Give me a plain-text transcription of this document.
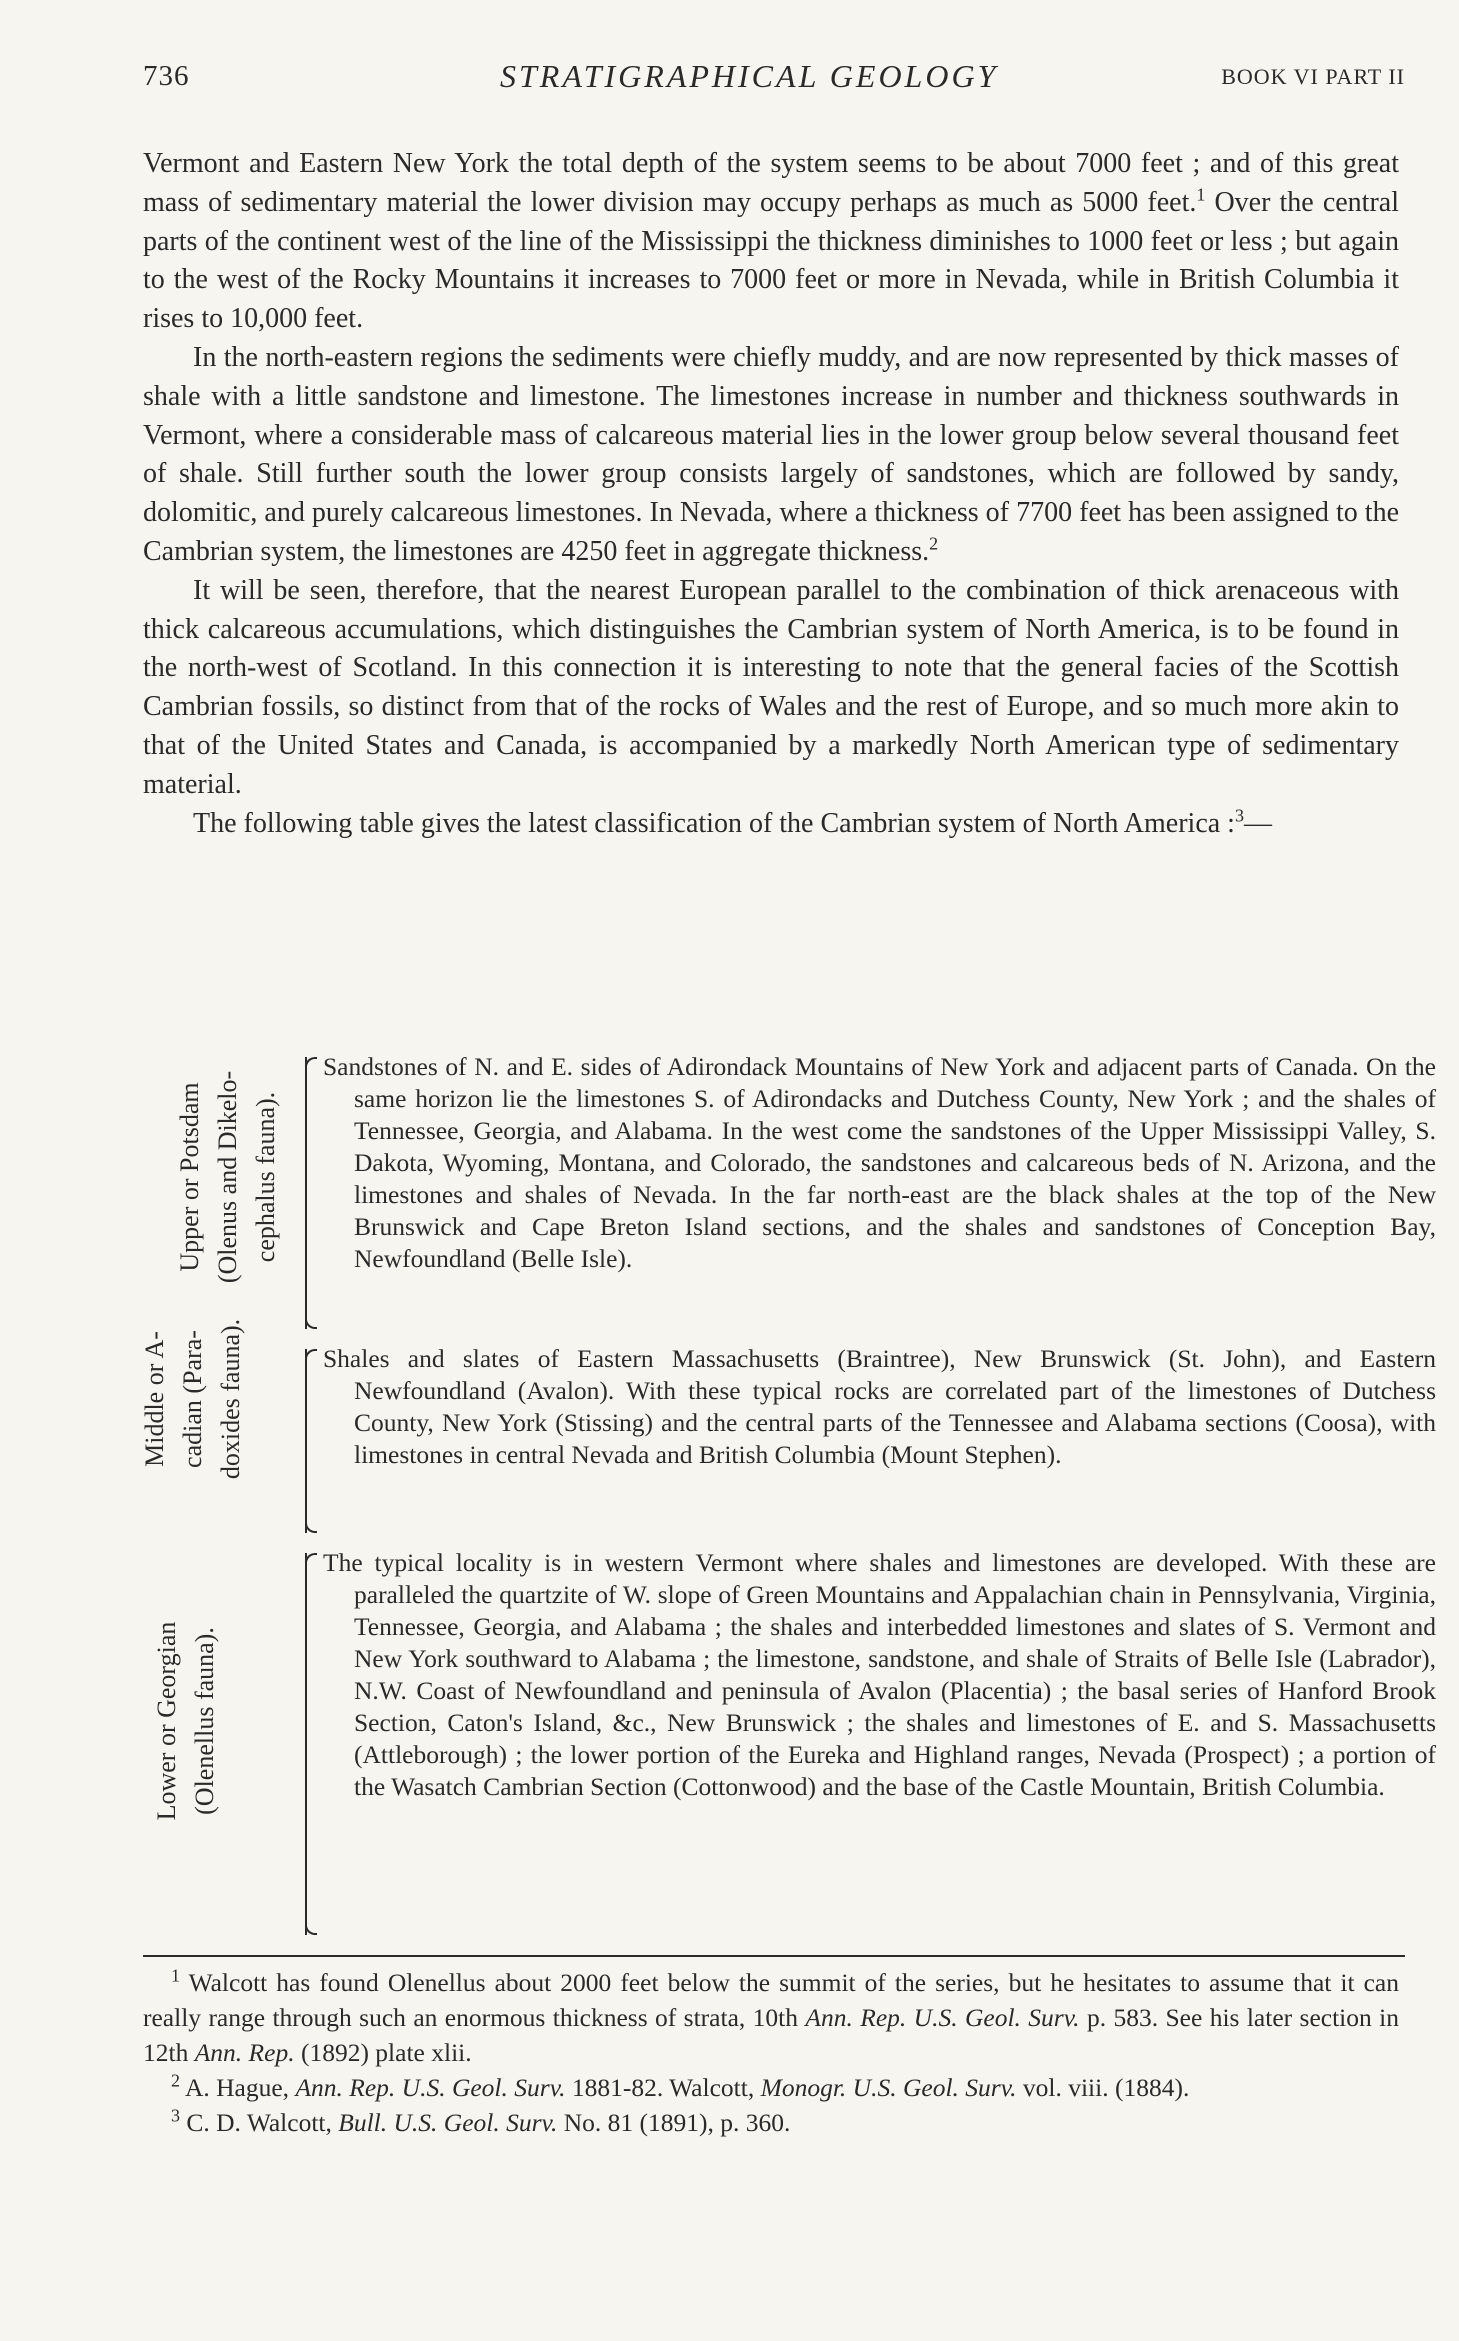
736	STRATIGRAPHICAL GEOLOGY	BOOK VI PART II

Vermont and Eastern New York the total depth of the system seems to be about 7000 feet ; and of this great mass of sedimentary material the lower division may occupy perhaps as much as 5000 feet.$^1$ Over the central parts of the continent west of the line of the Mississippi the thickness diminishes to 1000 feet or less ; but again to the west of the Rocky Mountains it increases to 7000 feet or more in Nevada, while in British Columbia it rises to 10,000 feet.

In the north-eastern regions the sediments were chiefly muddy, and are now represented by thick masses of shale with a little sandstone and limestone. The limestones increase in number and thickness southwards in Vermont, where a considerable mass of calcareous material lies in the lower group below several thousand feet of shale. Still further south the lower group consists largely of sandstones, which are followed by sandy, dolomitic, and purely calcareous limestones. In Nevada, where a thickness of 7700 feet has been assigned to the Cambrian system, the limestones are 4250 feet in aggregate thickness.$^2$

It will be seen, therefore, that the nearest European parallel to the combination of thick arenaceous with thick calcareous accumulations, which distinguishes the Cambrian system of North America, is to be found in the north-west of Scotland. In this connection it is interesting to note that the general facies of the Scottish Cambrian fossils, so distinct from that of the rocks of Wales and the rest of Europe, and so much more akin to that of the United States and Canada, is accompanied by a markedly North American type of sedimentary material.

The following table gives the latest classification of the Cambrian system of North America :$^3$—

Upper or Potsdam (Olenus and Dikelo- cephalus fauna).
Middle or A- cadian (Para- doxides fauna).
Lower or Georgian (Olenellus fauna).
Sandstones of N. and E. sides of Adirondack Mountains of New York and adjacent parts of Canada. On the same horizon lie the limestones S. of Adirondacks and Dutchess County, New York ; and the shales of Tennessee, Georgia, and Alabama. In the west come the sandstones of the Upper Mississippi Valley, S. Dakota, Wyoming, Montana, and Colorado, the sandstones and calcareous beds of N. Arizona, and the limestones and shales of Nevada. In the far north-east are the black shales at the top of the New Brunswick and Cape Breton Island sections, and the shales and sandstones of Conception Bay, Newfoundland (Belle Isle).
Shales and slates of Eastern Massachusetts (Braintree), New Brunswick (St. John), and Eastern Newfoundland (Avalon). With these typical rocks are correlated part of the limestones of Dutchess County, New York (Stissing) and the central parts of the Tennessee and Alabama sections (Coosa), with limestones in central Nevada and British Columbia (Mount Stephen).
The typical locality is in western Vermont where shales and limestones are developed. With these are paralleled the quartzite of W. slope of Green Mountains and Appalachian chain in Pennsylvania, Virginia, Tennessee, Georgia, and Alabama ; the shales and interbedded limestones and slates of S. Vermont and New York southward to Alabama ; the limestone, sandstone, and shale of Straits of Belle Isle (Labrador), N.W. Coast of Newfoundland and peninsula of Avalon (Placentia) ; the basal series of Hanford Brook Section, Caton's Island, &c., New Brunswick ; the shales and limestones of E. and S. Massachusetts (Attleborough) ; the lower portion of the Eureka and Highland ranges, Nevada (Prospect) ; a portion of the Wasatch Cambrian Section (Cottonwood) and the base of the Castle Mountain, British Columbia.

$^1$ Walcott has found Olenellus about 2000 feet below the summit of the series, but he hesitates to assume that it can really range through such an enormous thickness of strata, 10th Ann. Rep. U.S. Geol. Surv. p. 583. See his later section in 12th Ann. Rep. (1892) plate xlii.

$^2$ A. Hague, Ann. Rep. U.S. Geol. Surv. 1881-82. Walcott, Monogr. U.S. Geol. Surv. vol. viii. (1884).

$^3$ C. D. Walcott, Bull. U.S. Geol. Surv. No. 81 (1891), p. 360.
